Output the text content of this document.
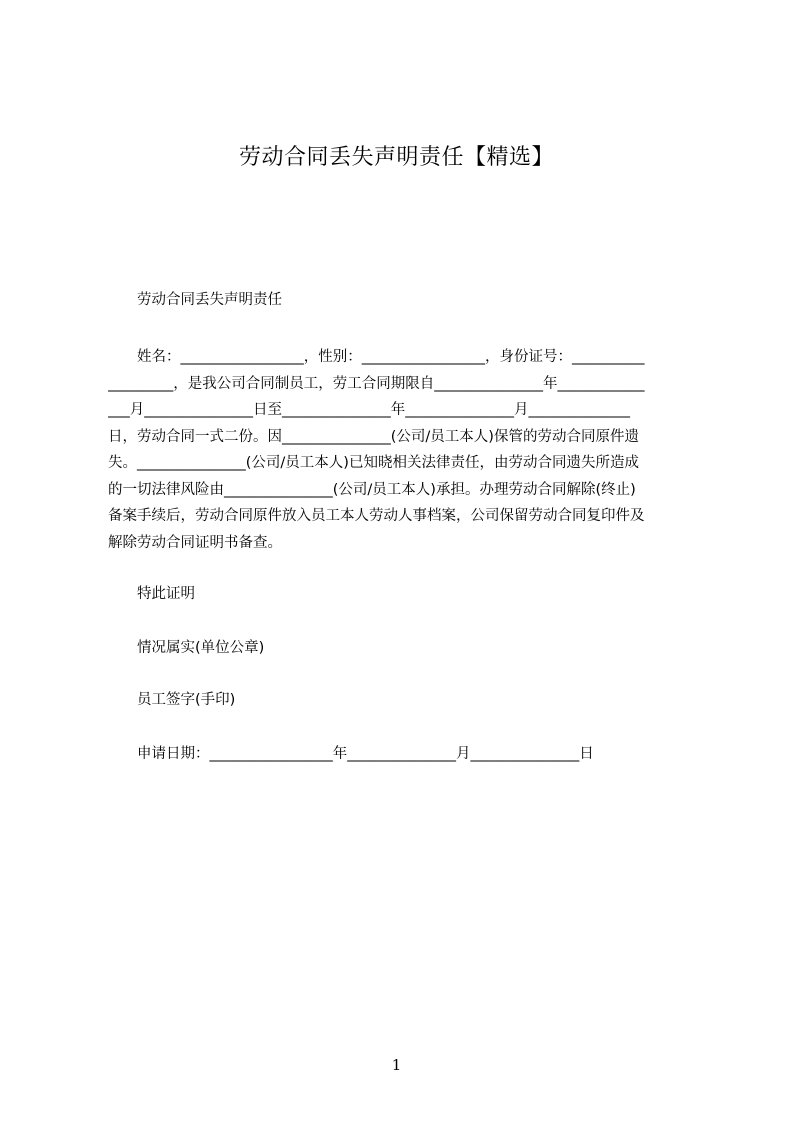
劳动合同丢失声明责任【精选】
劳动合同丢失声明责任
姓名：_________________，性别：_________________，身份证号：__________
_________，是我公司合同制员工，劳工合同期限自_______________年____________
___月_______________日至_______________年_______________月______________
日，劳动合同一式二份。因_______________(公司/员工本人)保管的劳动合同原件遗
失。_______________(公司/员工本人)已知晓相关法律责任，由劳动合同遗失所造成
的一切法律风险由_______________(公司/员工本人)承担。办理劳动合同解除(终止)
备案手续后，劳动合同原件放入员工本人劳动人事档案，公司保留劳动合同复印件及
解除劳动合同证明书备查。
特此证明
情况属实(单位公章)
员工签字(手印)
申请日期：_________________年_______________月_______________日
1
